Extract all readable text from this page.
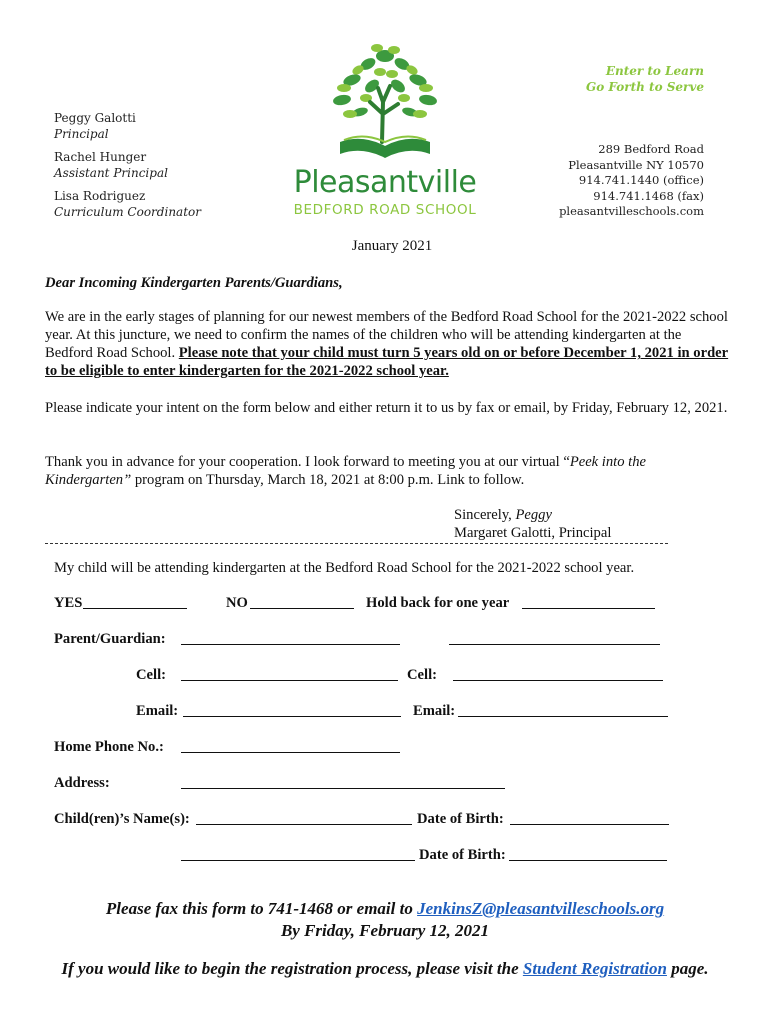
Peggy Galotti
Principal
Rachel Hunger
Assistant Principal
Lisa Rodriguez
Curriculum Coordinator
Pleasantville
BEDFORD ROAD SCHOOL
Enter to Learn
Go Forth to Serve
289 Bedford Road
Pleasantville NY 10570
914.741.1440 (office)
914.741.1468 (fax)
pleasantvilleschools.com
January 2021
Dear Incoming Kindergarten Parents/Guardians,
We are in the early stages of planning for our newest members of the Bedford Road School for the 2021-2022 school year. At this juncture, we need to confirm the names of the children who will be attending kindergarten at the Bedford Road School. Please note that your child must turn 5 years old on or before December 1, 2021 in order to be eligible to enter kindergarten for the 2021-2022 school year.
Please indicate your intent on the form below and either return it to us by fax or email, by Friday, February 12, 2021.
Thank you in advance for your cooperation. I look forward to meeting you at our virtual “Peek into the Kindergarten” program on Thursday, March 18, 2021 at 8:00 p.m. Link to follow.
Sincerely, Peggy
Margaret Galotti, Principal
My child will be attending kindergarten at the Bedford Road School for the 2021-2022 school year.
YES	NO	Hold back for one year
Parent/Guardian:
Cell:	Cell:
Email:	Email:
Home Phone No.:
Address:
Child(ren)’s Name(s):	Date of Birth:
Date of Birth:
Please fax this form to 741-1468 or email to JenkinsZ@pleasantvilleschools.org
By Friday, February 12, 2021
If you would like to begin the registration process, please visit the Student Registration page.
